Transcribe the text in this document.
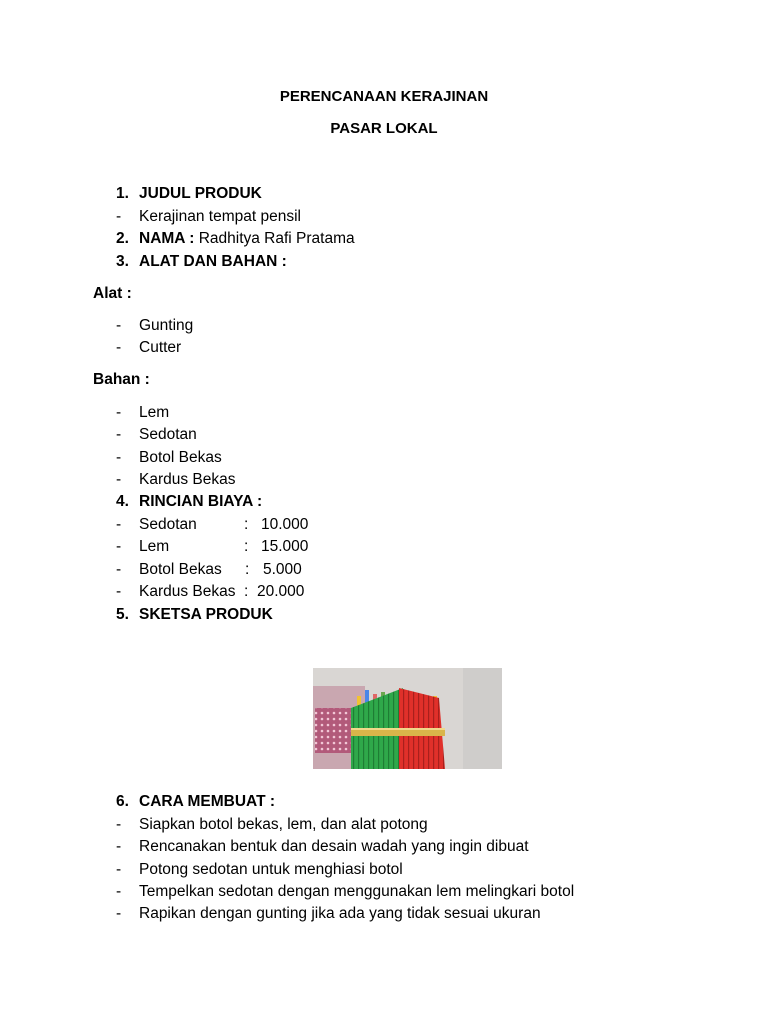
PERENCANAAN KERAJINAN
PASAR LOKAL
1. JUDUL PRODUK
-	Kerajinan tempat pensil
2. NAMA : Radhitya Rafi Pratama
3. ALAT DAN BAHAN :
Alat :
-	Gunting
-	Cutter
Bahan :
-	Lem
-	Sedotan
-	Botol Bekas
-	Kardus Bekas
4. RINCIAN BIAYA :
-	Sedotan	: 10.000
-	Lem	: 15.000
-	Botol Bekas : 5.000
-	Kardus Bekas : 20.000
5. SKETSA PRODUK
6. CARA MEMBUAT :
-	Siapkan botol bekas, lem, dan alat potong
-	Rencanakan bentuk dan desain wadah yang ingin dibuat
-	Potong sedotan untuk menghiasi botol
-	Tempelkan sedotan dengan menggunakan lem melingkari botol
-	Rapikan dengan gunting jika ada yang tidak sesuai ukuran
